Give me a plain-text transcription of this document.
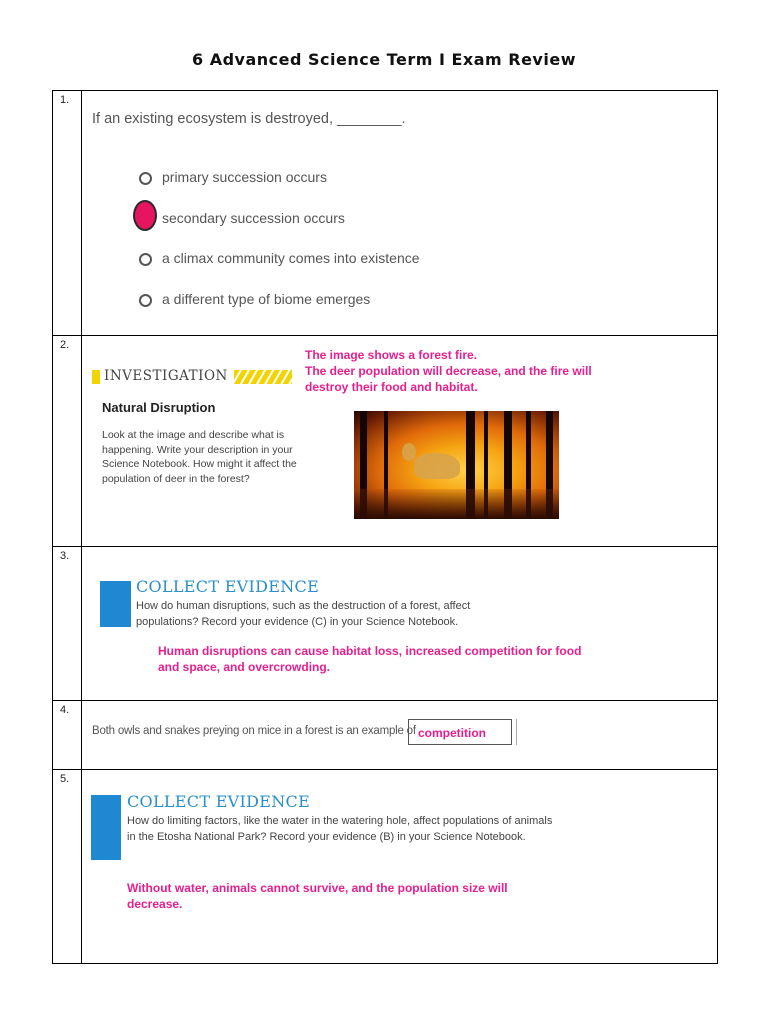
6 Advanced Science Term I Exam Review
1.	If an existing ecosystem is destroyed, ________.
primary succession occurs
secondary succession occurs
a climax community comes into existence
a different type of biome emerges

2.	INVESTIGATION
Natural Disruption
Look at the image and describe what is happening. Write your description in your Science Notebook. How might it affect the population of deer in the forest?
The image shows a forest fire.
The deer population will decrease, and the fire will destroy their food and habitat.

3.	COLLECT EVIDENCE
How do human disruptions, such as the destruction of a forest, affect populations? Record your evidence (C) in your Science Notebook.
Human disruptions can cause habitat loss, increased competition for food and space, and overcrowding.

4.	Both owls and snakes preying on mice in a forest is an example of competition

5.	COLLECT EVIDENCE
How do limiting factors, like the water in the watering hole, affect populations of animals in the Etosha National Park? Record your evidence (B) in your Science Notebook.
Without water, animals cannot survive, and the population size will decrease.
